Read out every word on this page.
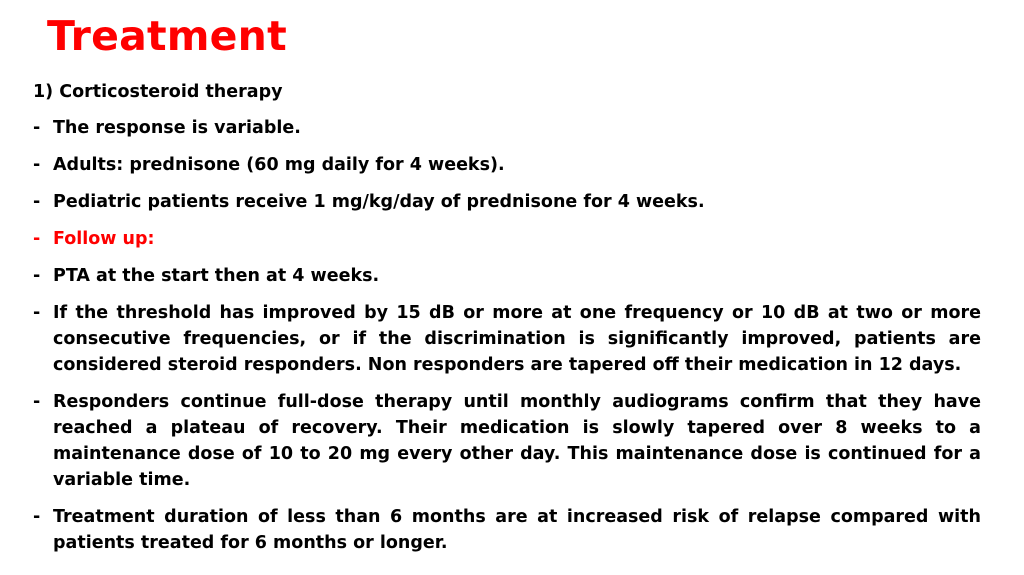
Treatment
1) Corticosteroid therapy
- The response is variable.
- Adults: prednisone (60 mg daily for 4 weeks).
- Pediatric patients receive 1 mg/kg/day of prednisone for 4 weeks.
- Follow up:
- PTA at the start then at 4 weeks.
- If the threshold has improved by 15 dB or more at one frequency or 10 dB at two or more consecutive frequencies, or if the discrimination is significantly improved, patients are considered steroid responders. Non responders are tapered off their medication in 12 days.
- Responders continue full-dose therapy until monthly audiograms confirm that they have reached a plateau of recovery. Their medication is slowly tapered over 8 weeks to a maintenance dose of 10 to 20 mg every other day. This maintenance dose is continued for a variable time.
- Treatment duration of less than 6 months are at increased risk of relapse compared with patients treated for 6 months or longer.
